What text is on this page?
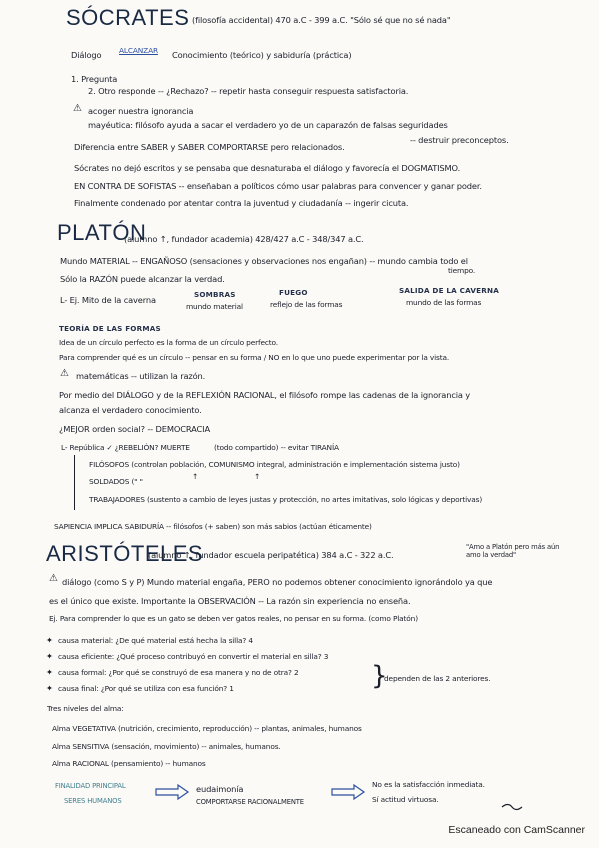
SÓCRATES (filosofía accidental) 470 a.C - 399 a.C. "Sólo sé que no sé nada"
Diálogo ALCANZAR Conocimiento (teórico) y sabiduría (práctica)
1. Pregunta
2. Otro responde -- ¿Rechazo? -- repetir hasta conseguir respuesta satisfactoria.
⚠ acoger nuestra ignorancia
mayéutica: filósofo ayuda a sacar el verdadero yo de un caparazón de falsas seguridades
-- destruir preconceptos.
Diferencia entre SABER y SABER COMPORTARSE pero relacionados.
Sócrates no dejó escritos y se pensaba que desnaturaba el diálogo y favorecía el DOGMATISMO.
EN CONTRA DE SOFISTAS -- enseñaban a políticos cómo usar palabras para convencer y ganar poder.
Finalmente condenado por atentar contra la juventud y ciudadanía -- ingerir cicuta.
PLATÓN
(alumno ↑, fundador academia) 428/427 a.C - 348/347 a.C.
Mundo MATERIAL -- ENGAÑOSO (sensaciones y observaciones nos engañan) -- mundo cambia todo el
tiempo.
Sólo la RAZÓN puede alcanzar la verdad.
L- Ej. Mito de la caverna
SOMBRAS
mundo material
FUEGO
reflejo de las formas
SALIDA DE LA CAVERNA
mundo de las formas
TEORÍA DE LAS FORMAS
Idea de un círculo perfecto es la forma de un círculo perfecto.
Para comprender qué es un círculo -- pensar en su forma / NO en lo que uno puede experimentar por la vista.
⚠ matemáticas -- utilizan la razón.
Por medio del DIÁLOGO y de la REFLEXIÓN RACIONAL, el filósofo rompe las cadenas de la ignorancia y
alcanza el verdadero conocimiento.
¿MEJOR orden social? -- DEMOCRACIA
L- República ✓ ¿REBELIÓN? MUERTE	(todo compartido) -- evitar TIRANÍA
FILÓSOFOS (controlan población, COMUNISMO integral, administración e implementación sistema justo)
SOLDADOS (" "
↑	↑
TRABAJADORES (sustento a cambio de leyes justas y protección, no artes imitativas, solo lógicas y deportivas)
SAPIENCIA IMPLICA SABIDURÍA -- filósofos (+ saben) son más sabios (actúan éticamente)
ARISTÓTELES
(alumno ↑, fundador escuela peripatética) 384 a.C - 322 a.C.
"Amo a Platón pero más aún amo la verdad"
⚠ diálogo (como S y P) Mundo material engaña, PERO no podemos obtener conocimiento ignorándolo ya que
es el único que existe. Importante la OBSERVACIÓN -- La razón sin experiencia no enseña.
Ej. Para comprender lo que es un gato se deben ver gatos reales, no pensar en su forma. (como Platón)
✦ causa material: ¿De qué material está hecha la silla? 4
✦ causa eficiente: ¿Qué proceso contribuyó en convertir el material en silla? 3
✦ causa formal: ¿Por qué se construyó de esa manera y no de otra? 2
✦ causa final: ¿Por qué se utiliza con esa función? 1	}
dependen de las 2 anteriores.
Tres niveles del alma:
Alma VEGETATIVA (nutrición, crecimiento, reproducción) -- plantas, animales, humanos
Alma SENSITIVA (sensación, movimiento) -- animales, humanos.
Alma RACIONAL (pensamiento) -- humanos
FINALIDAD PRINCIPAL
SERES HUMANOS
eudaimonía
COMPORTARSE RACIONALMENTE
No es la satisfacción inmediata.
Sí actitud virtuosa.
Escaneado con CamScanner
